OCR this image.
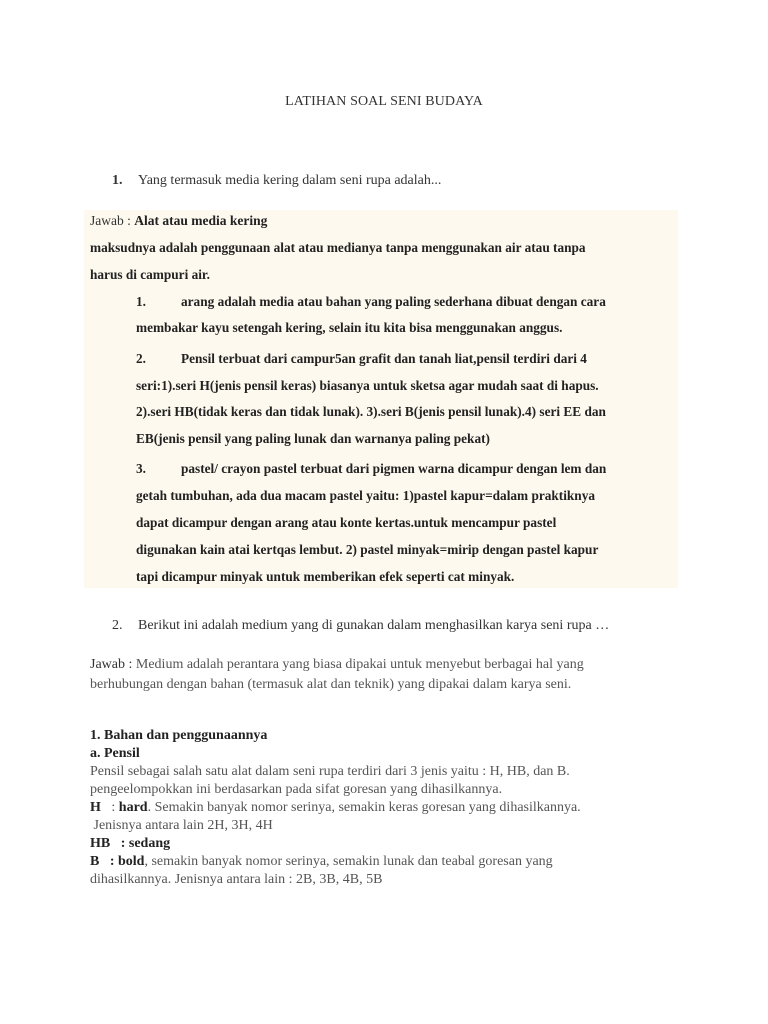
LATIHAN SOAL SENI BUDAYA
1. Yang termasuk media kering dalam seni rupa adalah...
Jawab : Alat atau media kering
maksudnya adalah penggunaan alat atau medianya tanpa menggunakan air atau tanpa
harus di campuri air.
1.	arang adalah media atau bahan yang paling sederhana dibuat dengan cara
membakar kayu setengah kering, selain itu kita bisa menggunakan anggus.
2.	Pensil terbuat dari campur5an grafit dan tanah liat,pensil terdiri dari 4
seri:1).seri H(jenis pensil keras) biasanya untuk sketsa agar mudah saat di hapus.
2).seri HB(tidak keras dan tidak lunak). 3).seri B(jenis pensil lunak).4) seri EE dan
EB(jenis pensil yang paling lunak dan warnanya paling pekat)
3.	pastel/ crayon pastel terbuat dari pigmen warna dicampur dengan lem dan
getah tumbuhan, ada dua macam pastel yaitu: 1)pastel kapur=dalam praktiknya
dapat dicampur dengan arang atau konte kertas.untuk mencampur pastel
digunakan kain atai kertqas lembut. 2) pastel minyak=mirip dengan pastel kapur
tapi dicampur minyak untuk memberikan efek seperti cat minyak.
2. Berikut ini adalah medium yang di gunakan dalam menghasilkan karya seni rupa …
Jawab : Medium adalah perantara yang biasa dipakai untuk menyebut berbagai hal yang
berhubungan dengan bahan (termasuk alat dan teknik) yang dipakai dalam karya seni.
1. Bahan dan penggunaannya
a. Pensil
Pensil sebagai salah satu alat dalam seni rupa terdiri dari 3 jenis yaitu : H, HB, dan B.
pengeelompokkan ini berdasarkan pada sifat goresan yang dihasilkannya.
H   : hard. Semakin banyak nomor serinya, semakin keras goresan yang dihasilkannya.
Jenisnya antara lain 2H, 3H, 4H
HB   : sedang
B   : bold, semakin banyak nomor serinya, semakin lunak dan teabal goresan yang
dihasilkannya. Jenisnya antara lain : 2B, 3B, 4B, 5B
